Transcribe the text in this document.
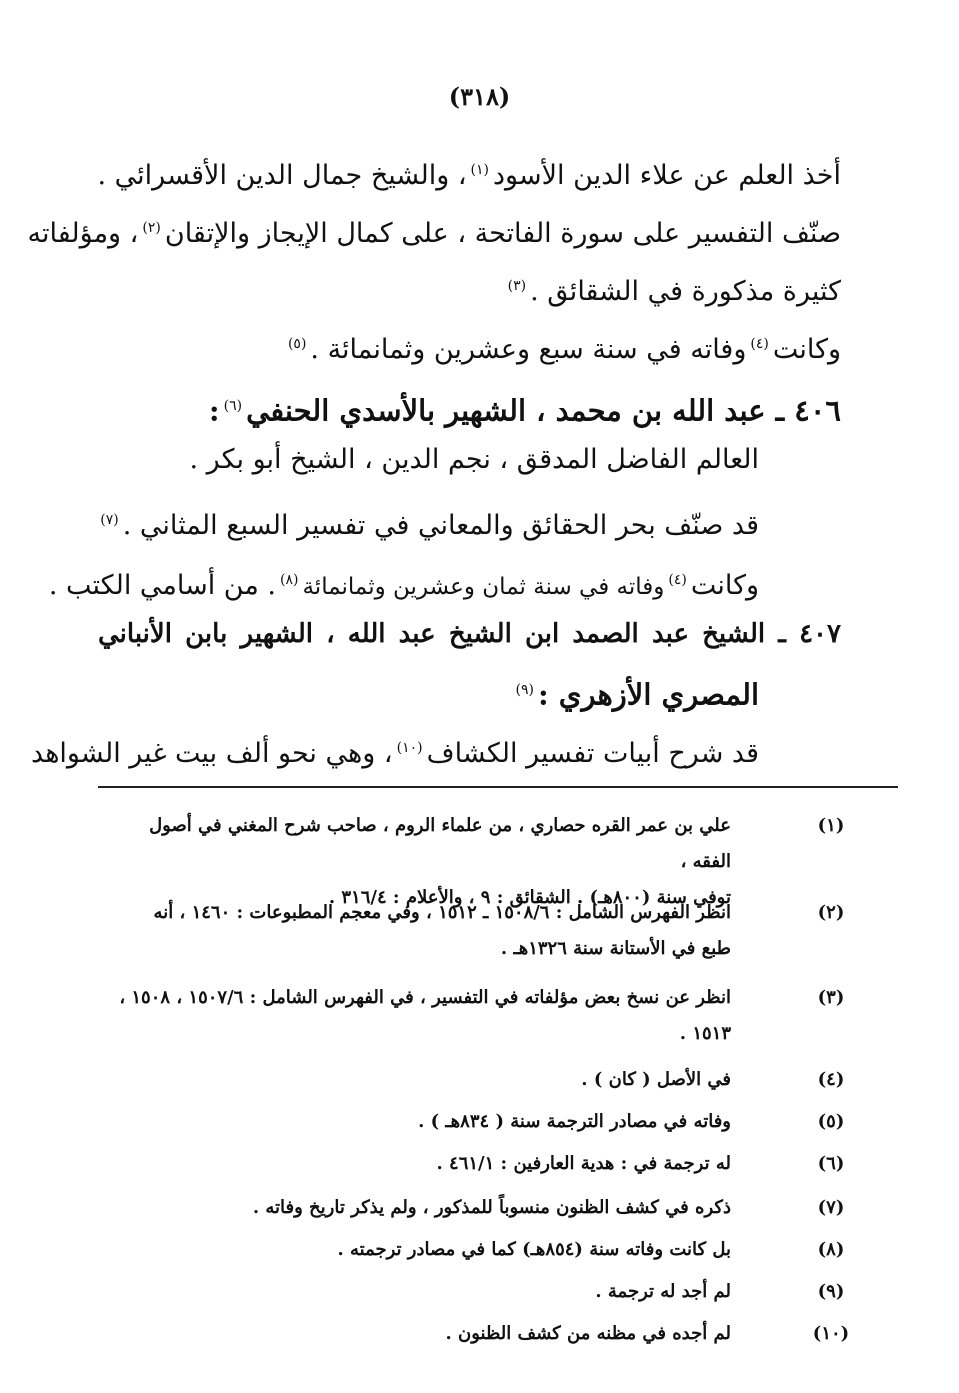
(٣١٨)
أخذ العلم عن علاء الدين الأسود$^{(١)}$، والشيخ جمال الدين الأقسرائي .
صنّف التفسير على سورة الفاتحة ، على كمال الإيجاز والإتقان$^{(٢)}$، ومؤلفاته
كثيرة مذكورة في الشقائق .$^{(٣)}$
وكانت$^{(٤)}$وفاته في سنة سبع وعشرين وثمانمائة .$^{(٥)}$
٤٠٦ ـ عبد الله بن محمد ، الشهير بالأسدي الحنفي$^{(٦)}$:
العالم الفاضل المدقق ، نجم الدين ، الشيخ أبو بكر .
قد صنّف بحر الحقائق والمعاني في تفسير السبع المثاني .$^{(٧)}$
وكانت$^{(٤)}$وفاته في سنة ثمان وعشرين وثمانمائة$^{(٨)}$. من أسامي الكتب .
٤٠٧ ـ الشيخ عبد الصمد ابن الشيخ عبد الله ، الشهير بابن الأنباني
المصري الأزهري :$^{(٩)}$
قد شرح أبيات تفسير الكشاف$^{(١٠)}$، وهي نحو ألف بيت غير الشواهد
(١)
علي بن عمر القره حصاري ، من علماء الروم ، صاحب شرح المغني في أصول الفقه ،
توفي سنة (٨٠٠هـ) . الشقائق : ٩ ، والأعلام : ٣١٦/٤ .
(٢)
انظر الفهرس الشامل : ١٥٠٨/٦ ـ ١٥١٢ ، وفي معجم المطبوعات : ١٤٦٠ ، أنه
طبع في الأستانة سنة ١٣٢٦هـ .
(٣)
انظر عن نسخ بعض مؤلفاته في التفسير ، في الفهرس الشامل : ١٥٠٧/٦ ، ١٥٠٨ ،
١٥١٣ .
(٤)
في الأصل ( كان ) .
(٥)
وفاته في مصادر الترجمة سنة ( ٨٣٤هـ ) .
(٦)
له ترجمة في : هدية العارفين : ٤٦١/١ .
(٧)
ذكره في كشف الظنون منسوباً للمذكور ، ولم يذكر تاريخ وفاته .
(٨)
بل كانت وفاته سنة (٨٥٤هـ) كما في مصادر ترجمته .
(٩)
لم أجد له ترجمة .
(١٠)
لم أجده في مظنه من كشف الظنون .
